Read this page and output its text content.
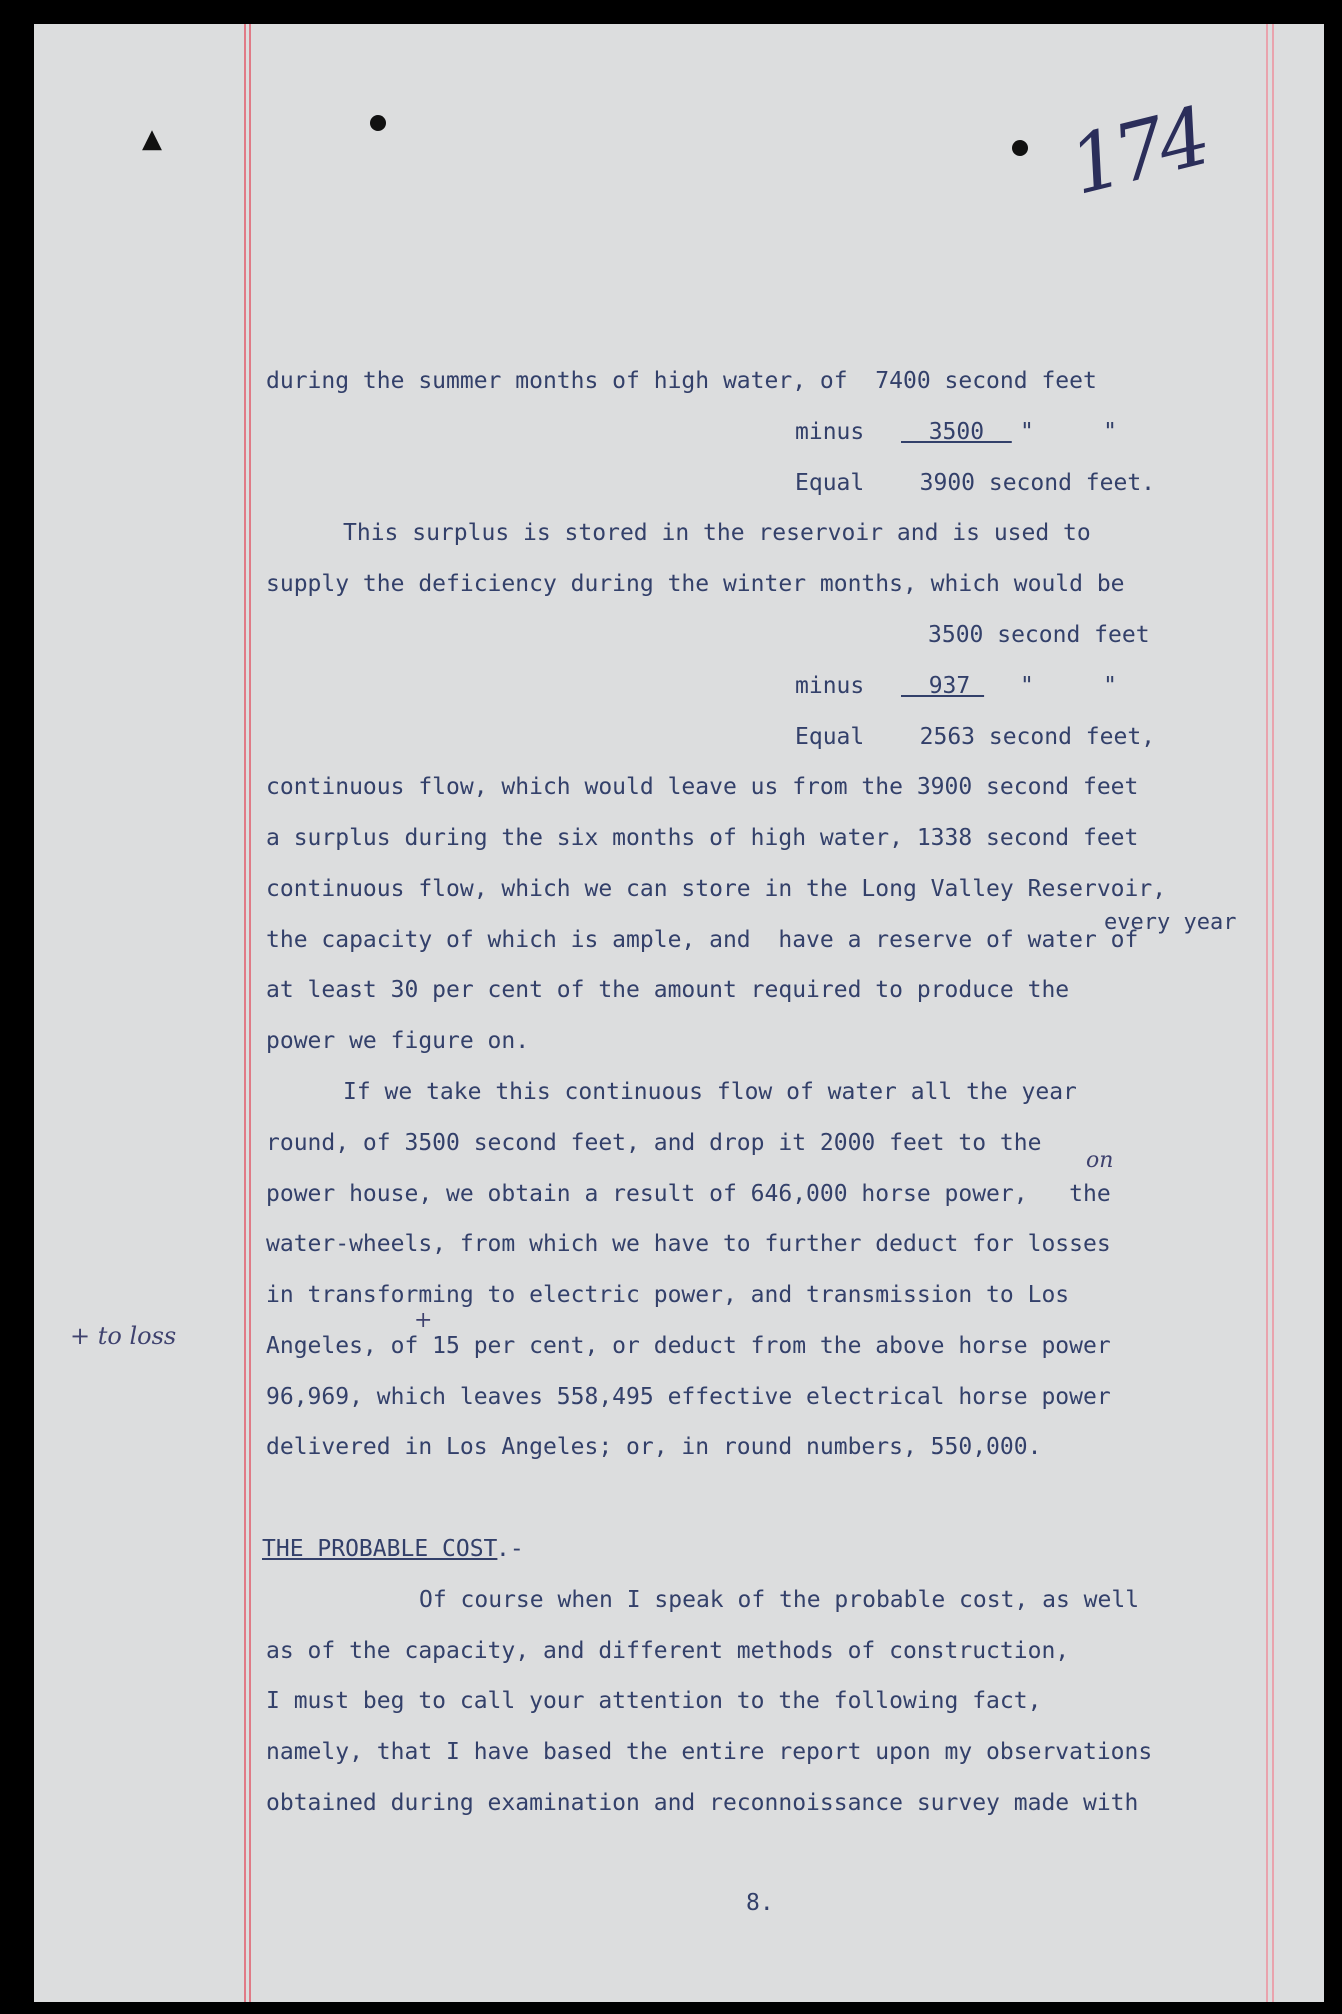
▲	174
+ to loss
during the summer months of high water, of  7400 second feet
minus 3500 "     "
Equal    3900 second feet.
This surplus is stored in the reservoir and is used to
supply the deficiency during the winter months, which would be
3500 second feet
minus 937 "     "
Equal    2563 second feet,
continuous flow, which would leave us from the 3900 second feet
a surplus during the six months of high water, 1338 second feet
continuous flow, which we can store in the Long Valley Reservoir,
every year
the capacity of which is ample, and  have a reserve of water of
at least 30 per cent of the amount required to produce the
power we figure on.
If we take this continuous flow of water all the year
round, of 3500 second feet, and drop it 2000 feet to the
on
power house, we obtain a result of 646,000 horse power,   the
water-wheels, from which we have to further deduct for losses
in transforming to electric power, and transmission to Los
+
Angeles, of 15 per cent, or deduct from the above horse power
96,969, which leaves 558,495 effective electrical horse power
delivered in Los Angeles; or, in round numbers, 550,000.
THE PROBABLE COST
.-
Of course when I speak of the probable cost, as well
as of the capacity, and different methods of construction,
I must beg to call your attention to the following fact,
namely, that I have based the entire report upon my observations
obtained during examination and reconnoissance survey made with
8.
